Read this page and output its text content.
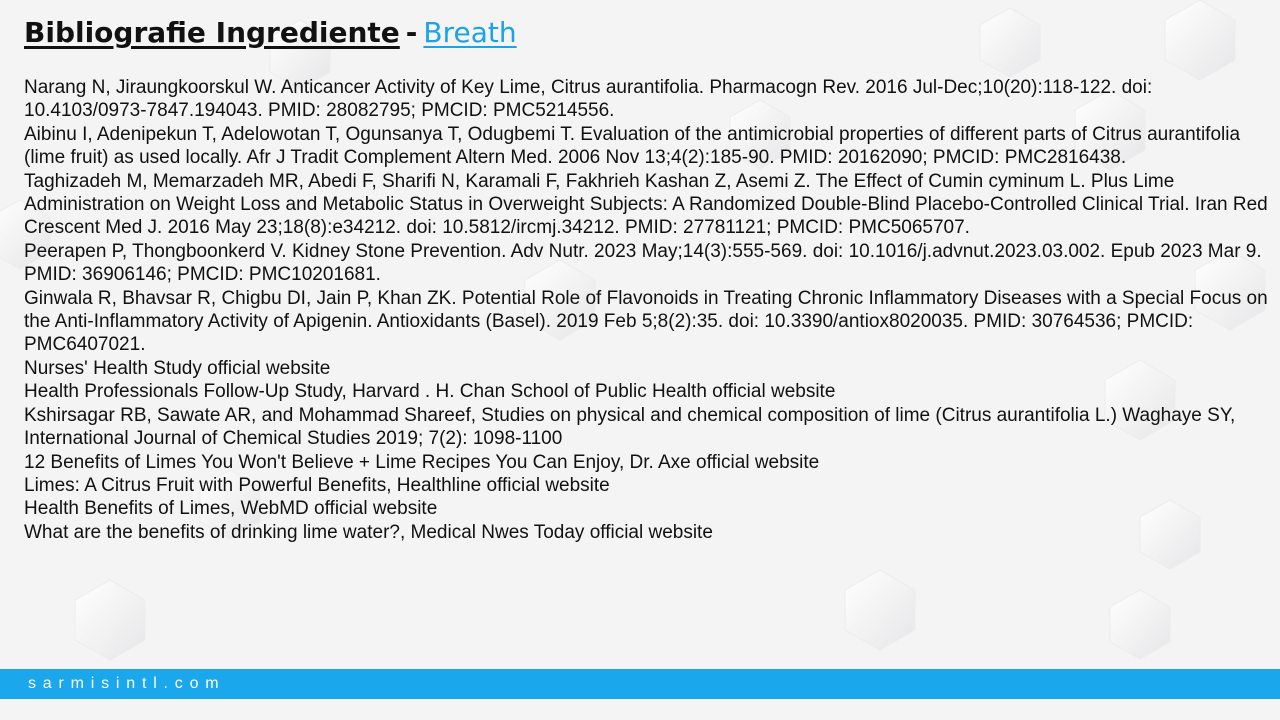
Bibliografie Ingrediente - Breath
Narang N, Jiraungkoorskul W. Anticancer Activity of Key Lime, Citrus aurantifolia. Pharmacogn Rev. 2016 Jul-Dec;10(20):118-122. doi: 10.4103/0973-7847.194043. PMID: 28082795; PMCID: PMC5214556.
Aibinu I, Adenipekun T, Adelowotan T, Ogunsanya T, Odugbemi T. Evaluation of the antimicrobial properties of different parts of Citrus aurantifolia (lime fruit) as used locally. Afr J Tradit Complement Altern Med. 2006 Nov 13;4(2):185-90. PMID: 20162090; PMCID: PMC2816438.
Taghizadeh M, Memarzadeh MR, Abedi F, Sharifi N, Karamali F, Fakhrieh Kashan Z, Asemi Z. The Effect of Cumin cyminum L. Plus Lime Administration on Weight Loss and Metabolic Status in Overweight Subjects: A Randomized Double-Blind Placebo-Controlled Clinical Trial. Iran Red Crescent Med J. 2016 May 23;18(8):e34212. doi: 10.5812/ircmj.34212. PMID: 27781121; PMCID: PMC5065707.
Peerapen P, Thongboonkerd V. Kidney Stone Prevention. Adv Nutr. 2023 May;14(3):555-569. doi: 10.1016/j.advnut.2023.03.002. Epub 2023 Mar 9. PMID: 36906146; PMCID: PMC10201681.
Ginwala R, Bhavsar R, Chigbu DI, Jain P, Khan ZK. Potential Role of Flavonoids in Treating Chronic Inflammatory Diseases with a Special Focus on the Anti-Inflammatory Activity of Apigenin. Antioxidants (Basel). 2019 Feb 5;8(2):35. doi: 10.3390/antiox8020035. PMID: 30764536; PMCID: PMC6407021.
Nurses' Health Study official website
Health Professionals Follow-Up Study, Harvard . H. Chan School of Public Health official website
Kshirsagar RB, Sawate AR, and Mohammad Shareef, Studies on physical and chemical composition of lime (Citrus aurantifolia L.) Waghaye SY, International Journal of Chemical Studies 2019; 7(2): 1098-1100
12 Benefits of Limes You Won't Believe + Lime Recipes You Can Enjoy, Dr. Axe official website
Limes: A Citrus Fruit with Powerful Benefits, Healthline official website
Health Benefits of Limes, WebMD official website
What are the benefits of drinking lime water?, Medical Nwes Today official website
sarmisintl.com
